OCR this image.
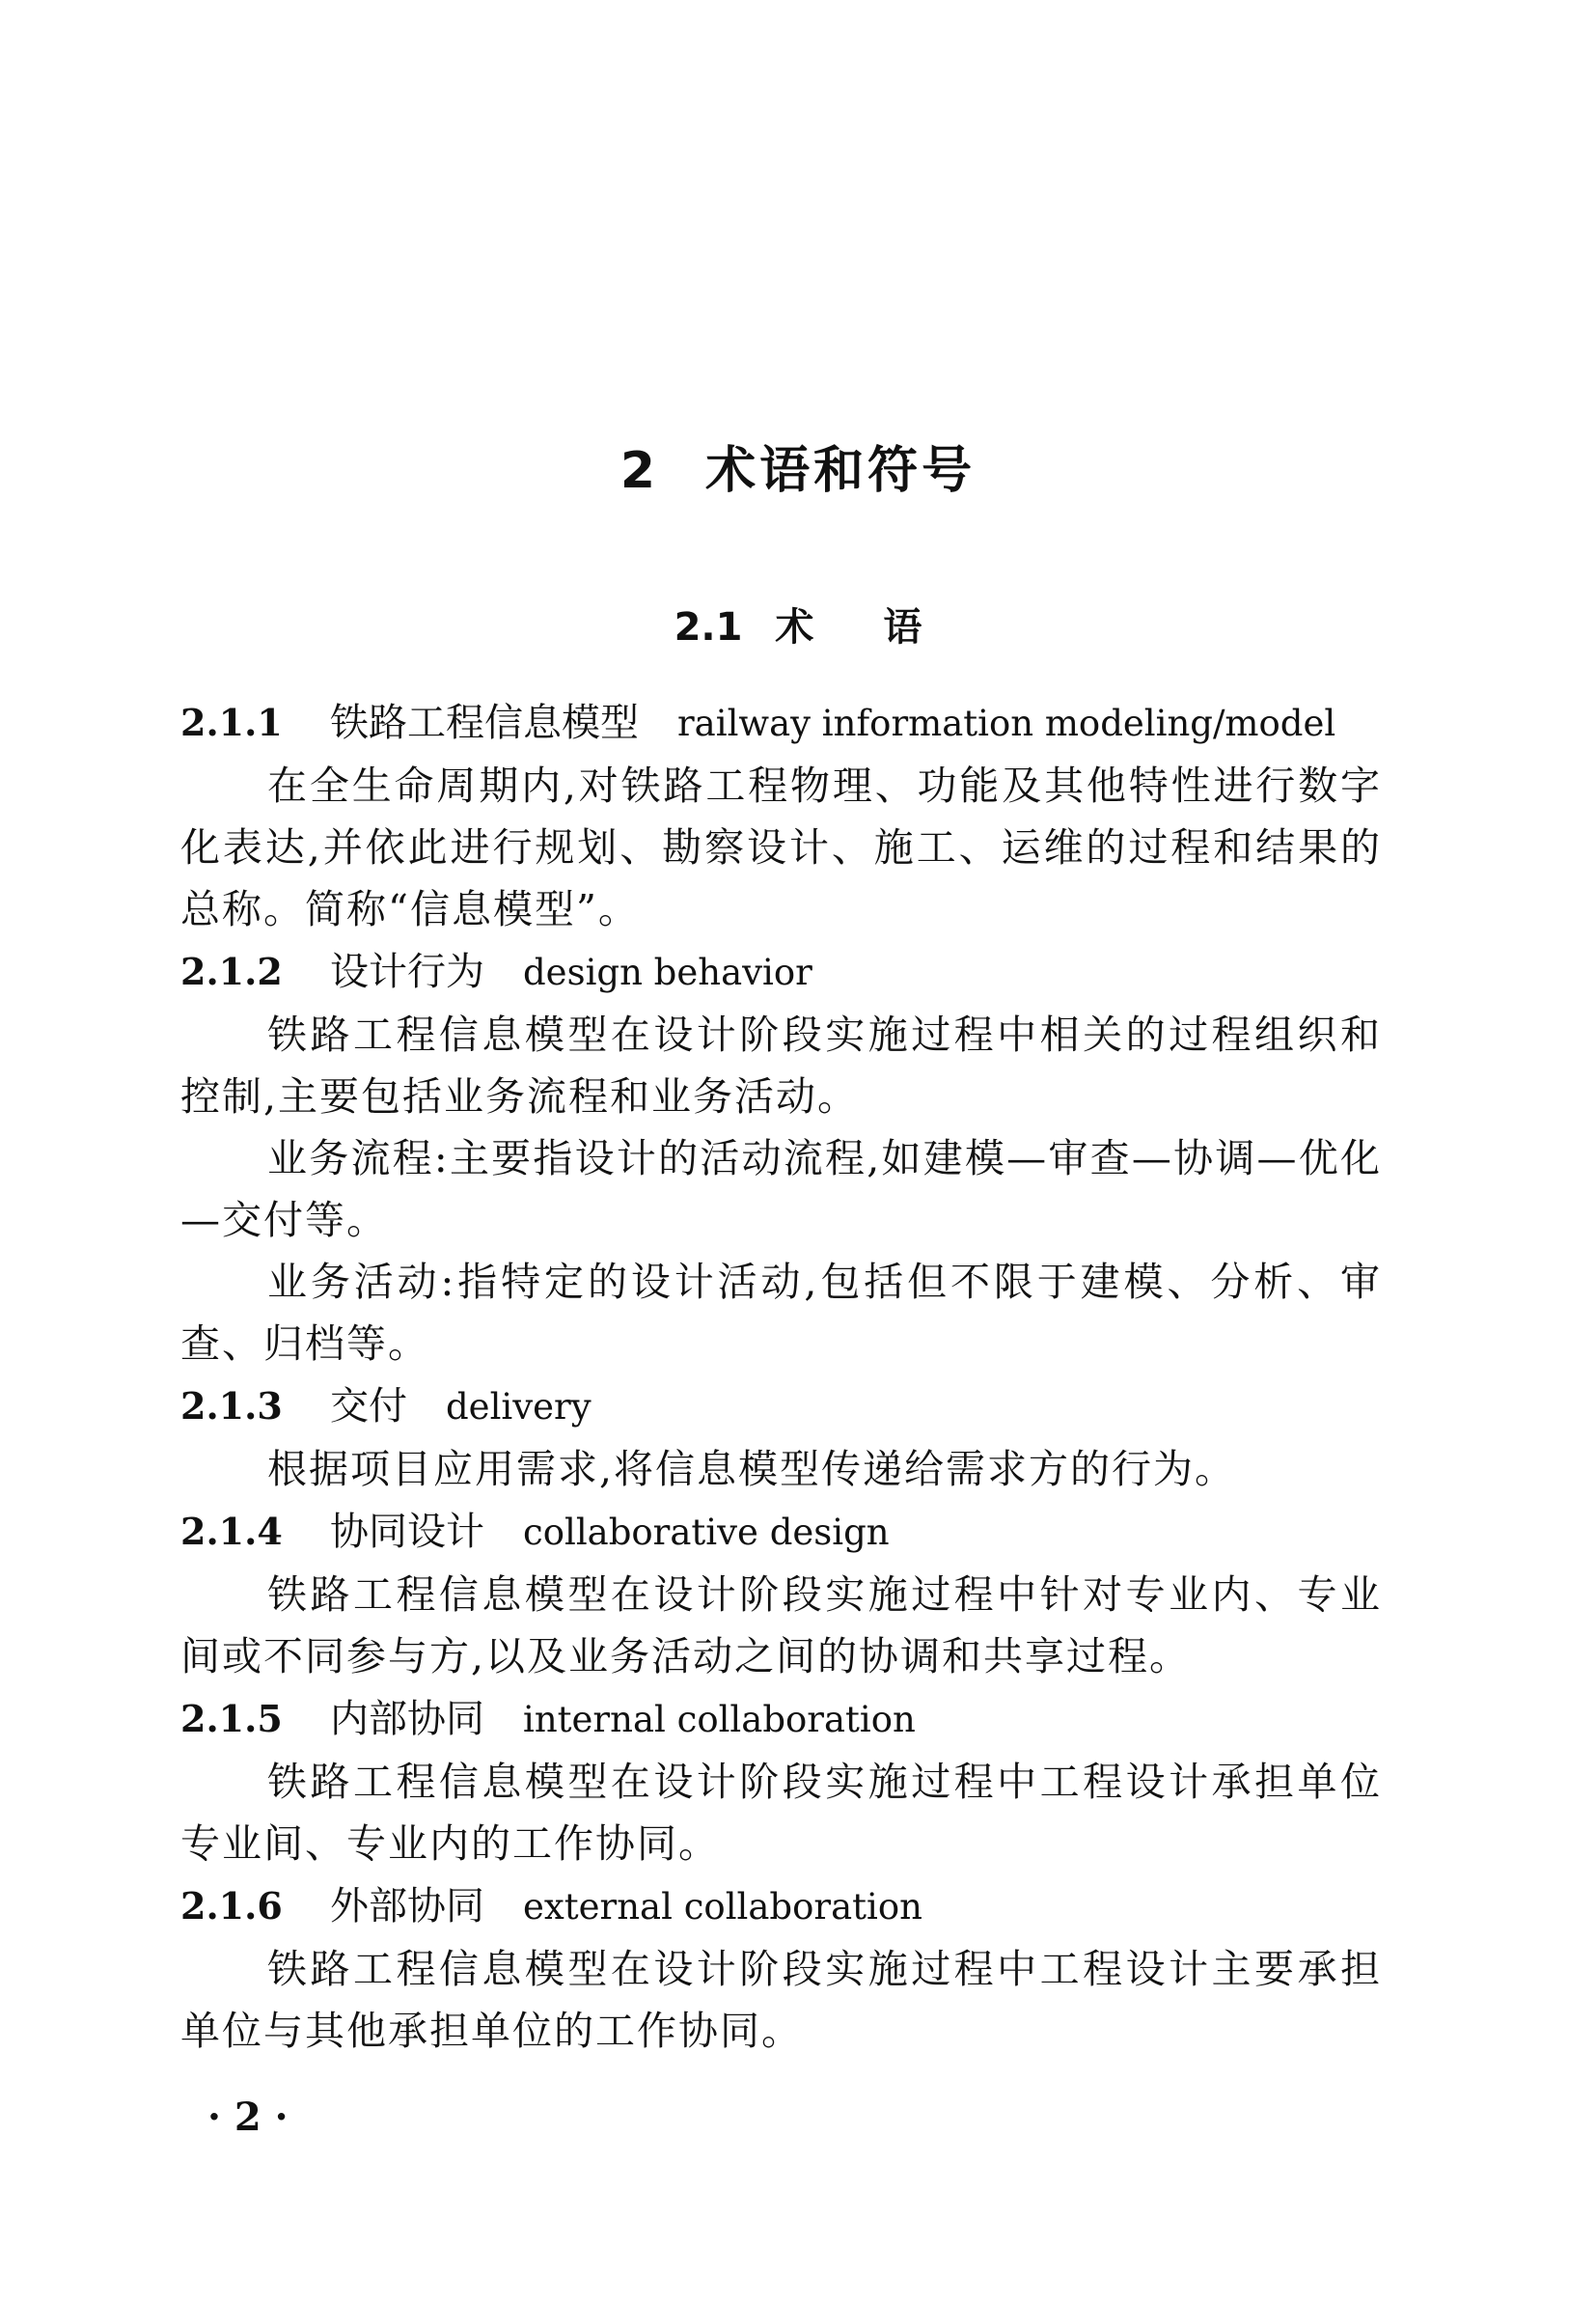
2 术语和符号
2.1 术 语
2.1.1 铁路工程信息模型 railway information modeling/model

在全生命周期内,对铁路工程物理、功能及其他特性进行数字化表达,并依此进行规划、勘察设计、施工、运维的过程和结果的总称。简称“信息模型”。

2.1.2 设计行为 design behavior

铁路工程信息模型在设计阶段实施过程中相关的过程组织和控制,主要包括业务流程和业务活动。

业务流程:主要指设计的活动流程,如建模—审查—协调—优化—交付等。

业务活动:指特定的设计活动,包括但不限于建模、分析、审查、归档等。

2.1.3 交付 delivery

根据项目应用需求,将信息模型传递给需求方的行为。

2.1.4 协同设计 collaborative design

铁路工程信息模型在设计阶段实施过程中针对专业内、专业间或不同参与方,以及业务活动之间的协调和共享过程。

2.1.5 内部协同 internal collaboration

铁路工程信息模型在设计阶段实施过程中工程设计承担单位专业间、专业内的工作协同。

2.1.6 外部协同 external collaboration

铁路工程信息模型在设计阶段实施过程中工程设计主要承担单位与其他承担单位的工作协同。

· 2 ·
